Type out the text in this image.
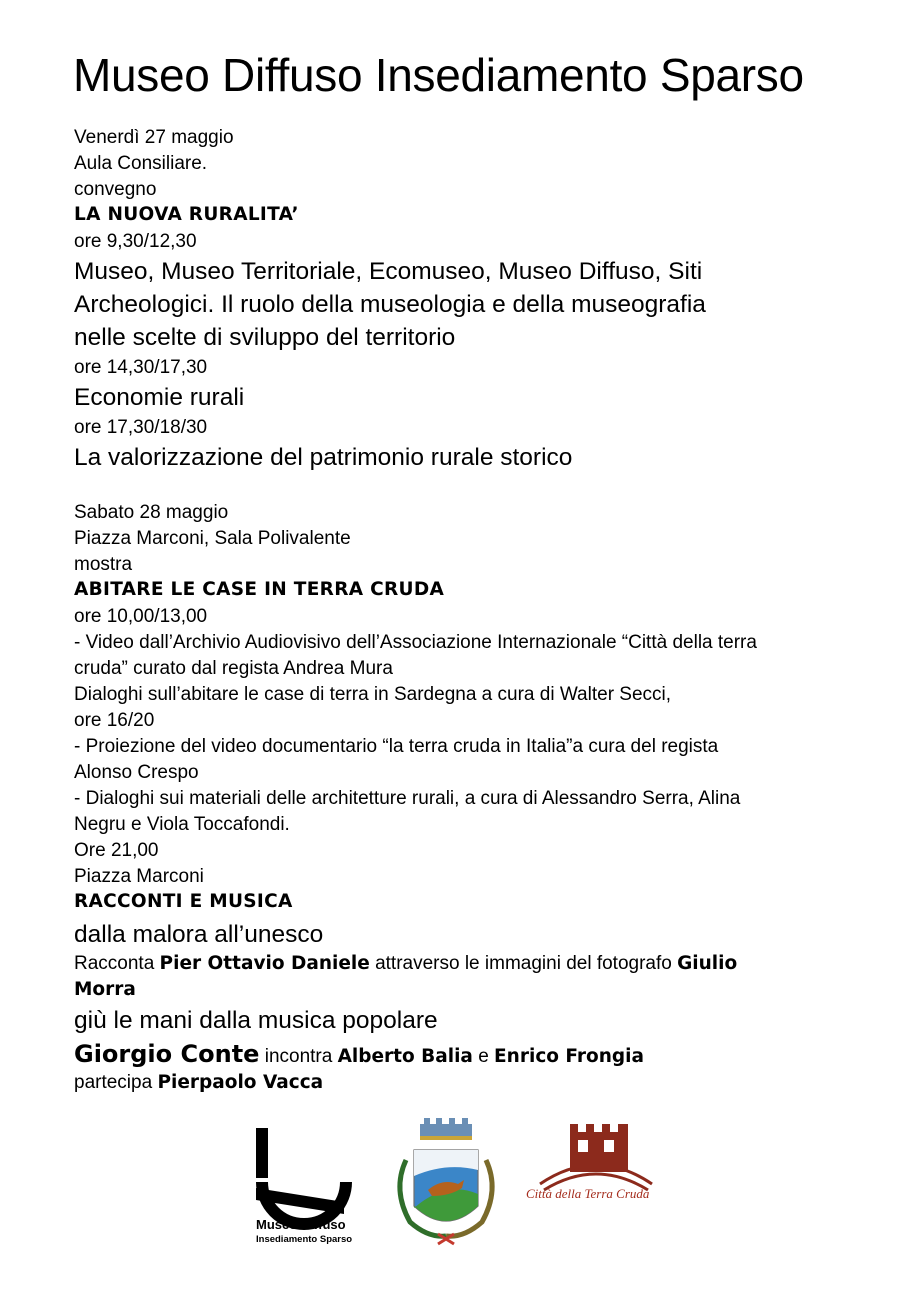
Museo Diffuso Insediamento Sparso
Venerdì 27 maggio
Aula Consiliare.
convegno
LA NUOVA RURALITA’
ore 9,30/12,30
Museo, Museo Territoriale, Ecomuseo, Museo Diffuso, Siti
Archeologici. Il ruolo della museologia e della museografia
nelle scelte di sviluppo del territorio
ore 14,30/17,30
Economie rurali
ore 17,30/18/30
La valorizzazione del patrimonio rurale storico
Sabato 28 maggio
Piazza Marconi, Sala Polivalente
mostra
ABITARE LE CASE IN TERRA CRUDA
ore 10,00/13,00
- Video dall’Archivio Audiovisivo dell’Associazione Internazionale “Città della terra
cruda” curato dal regista Andrea Mura
Dialoghi sull’abitare le case di terra in Sardegna a cura di Walter Secci,
ore 16/20
- Proiezione del video documentario “la terra cruda in Italia”a cura del regista
Alonso Crespo
- Dialoghi sui materiali delle architetture rurali, a cura di Alessandro Serra, Alina
Negru e Viola Toccafondi.
Ore 21,00
Piazza Marconi
RACCONTI E MUSICA
dalla malora all’unesco
Racconta Pier Ottavio Daniele attraverso le immagini del fotografo Giulio
Morra
giù le mani dalla musica popolare
Giorgio Conte incontra Alberto Balia e Enrico Frongia
partecipa Pierpaolo Vacca
Museo Diffuso
Insediamento Sparso
Città della Terra Cruda
